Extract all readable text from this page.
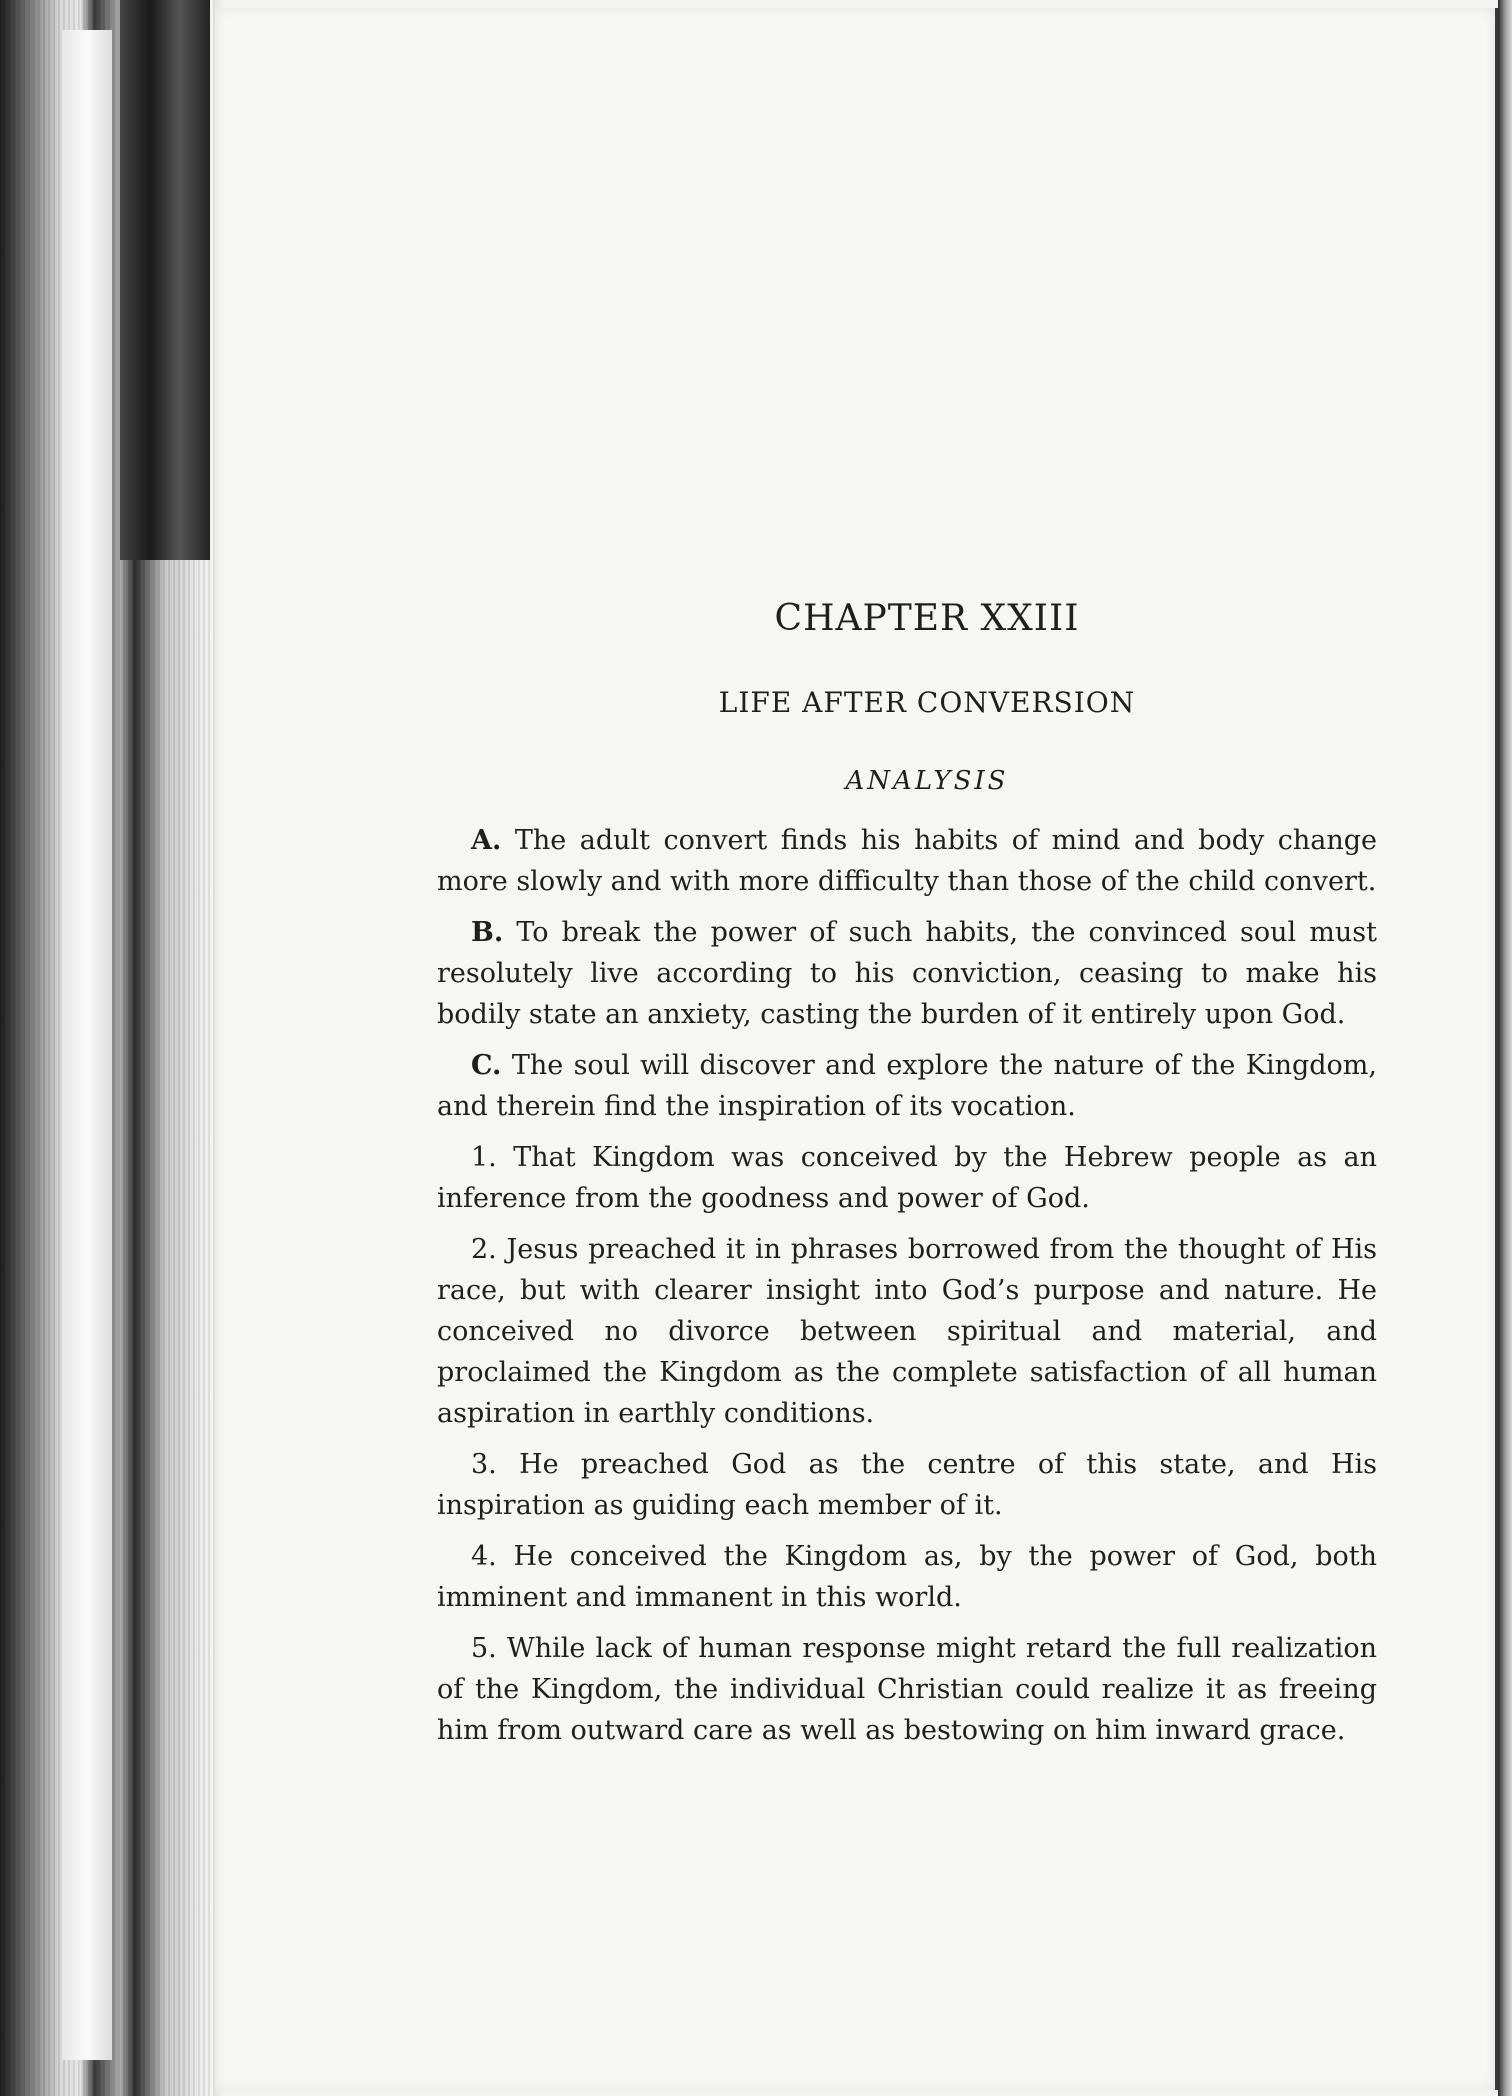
CHAPTER XXIII
LIFE AFTER CONVERSION
ANALYSIS

A. The adult convert finds his habits of mind and body change more slowly and with more difficulty than those of the child convert.

B. To break the power of such habits, the convinced soul must resolutely live according to his conviction, ceasing to make his bodily state an anxiety, casting the burden of it entirely upon God.

C. The soul will discover and explore the nature of the Kingdom, and therein find the inspiration of its vocation.

1. That Kingdom was conceived by the Hebrew people as an inference from the goodness and power of God.

2. Jesus preached it in phrases borrowed from the thought of His race, but with clearer insight into God’s purpose and nature. He conceived no divorce between spiritual and material, and proclaimed the Kingdom as the complete satisfaction of all human aspiration in earthly conditions.

3. He preached God as the centre of this state, and His inspiration as guiding each member of it.

4. He conceived the Kingdom as, by the power of God, both imminent and immanent in this world.

5. While lack of human response might retard the full realization of the Kingdom, the individual Christian could realize it as freeing him from outward care as well as bestowing on him inward grace.
